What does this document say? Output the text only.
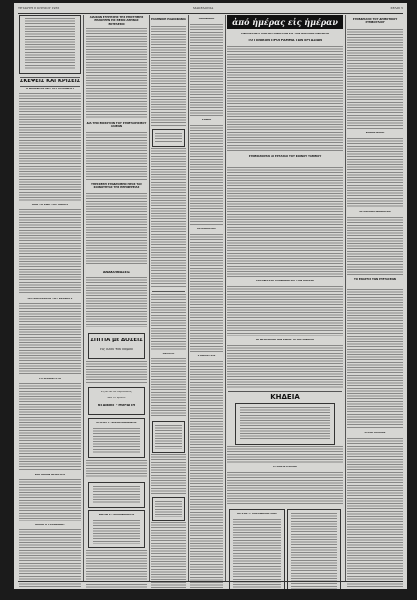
ΤΕΤΑΡΤΗ 8 ΙΟΥΝΙΟΥ 1955	ΜΑΚΕΔΟΝΙΑ	ΣΕΛΙΣ 5
ΣΚΕΨΕΙΣ ΚΑΙ ΚΡΙΣΕΙΣ
Η ΦΙΛΟΦΡΟΣΥΝΗ ΤΟΥ ΠΡΟΕΔΡΟΥ
ΑΠΟ ΤΗ ΖΩΗ ΤΗΣ ΠΟΛΗΣ
ΑΛ ΠΑΡΑΛΛΑΓΑΙ ΤΟΥ ΚΕΡΔΟΥΣ
ΤΑ ΣΠΑΝΙΑ ΕΤΗ
ΚΑΙ ΠΑΛΙΝ ΟΡΘΟΤΗΣ
ΑΛΛΑΓΗ ΤΡΙΑΝΑΝΟΥ
ΑΙΑΙΧΩΝ ΕΞΗΓΗΣΕΙΣ ΤΗΣ ΕΠΙΣΤΗΜΗΣ ΕΠΑΝΗΞΕΝ ΕΙΣ ΘΕΣΙΝ ΑΘΗΝΑΣ ΕΚΤΕΛΕΣΙΝ
ΔΙΑ ΤΗΝ ΕΝΙΣΧΥΣΙΝ ΤΟΥ ΣΥΝΕΤΑΙΡΙΣΜΟΥ ΑΛΙΕΩΝ
ΥΠΕΣΧΕΘΗ ΣΥΝΔΡΟΜΗΝ ΠΡΟΣ ΤΑΣ ΚΟΙΝΟΤΗΤΑΣ ΤΗΣ ΠΕΡΙΦΕΡΕΙΑΣ
ΑΝΑΚΟΙΝΩΣΕΙΣ
ΣΠΙΤΙΑ με ΔΟΣΕΙΣ
εἰς ὅλον τὸν Νομόν
Ζητείται αντιπρόσωπος
Διά τό προϊόν
ΝΤΑΙΒΙΝΤ - ΜΟΡΑΙΤΗ
ΙΑΤΡΟΣ Γ. ΚΑΛΟΓΙΑΝΝΑΚΗΣ
ΙΩΣΗΦ Ε. ΠΑΠΑΝΙΚΟΛΗΣ
ΕΛΛΗΝΙΚΗ ΡΑΔΙΟΦΩΝΙΑ
ΘΕΑΤΡΑ
ΑΘΗΝΑΙΚΑ
ΣΟΦΙΑ
ΠΡΟΣΚΛΗΣΙΣ
ΣΥΝΕΛΕΥΣΙΣ
ἀπό ἡμέρας εἰς ἡμέραν
ΕΝΗΜΕΡΩΣΗ ΤΩΝ ΜΕΤΑΝΑΣΤΩΝ ΕΙΣ ΤΗΝ ΒΟΡΕΙΟΝ ΑΦΡΙΚΗΝ
ΤΟ ΓΕΝΙΚΟΝ ΠΡΟΓΡΑΜΜΑ ΤΩΝ ΕΡΓΑΣΙΩΝ
ΣΥΝΕΧΙΖΟΝΤΑΙ ΑΙ ΕΡΓΑΣΙΑΙ ΤΟΥ ΚΟΙΝΟΥ ΤΑΜΕΙΟΥ
ΠΕΡΙΦΕΡΕΙΑ ΤΕΧΝΙΚΩΝ ΕΙΣ ΤΗΝ ΠΟΛΗΝ
ΟΙ ΔΡΟΜΟΛΟΓΙΟΝ ΖΩΗΝ ΤΗ ΚΑΤΑΝΟΜΗ
ΚΗΔΕΙΑ
ΕΥΧΑΡΙΣΤΗΡΙΟΝ
ΙΑΤΡΟΣ Γ. ΠΑΠΑΔΟΠΟΥΛΟΣ
ΣΥΝΕΔΡΙΑΣΙΣ ΤΟΥ ΔΗΜΟΤΙΚΟΥ ΣΥΜΒΟΥΛΙΟΥ
ΚΑΘΑΡΙΣΜΟΙ
ΟΙ ΘΕΡΙΝΑΙ ΔΙΑΚΟΠΑΙ
ΤΟ ΕΝΑΡΞΙΣ ΤΩΝ ΕΞΕΤΑΣΕΩΝ
Ο ΕΟΡΤΑΣΜΟΣ
